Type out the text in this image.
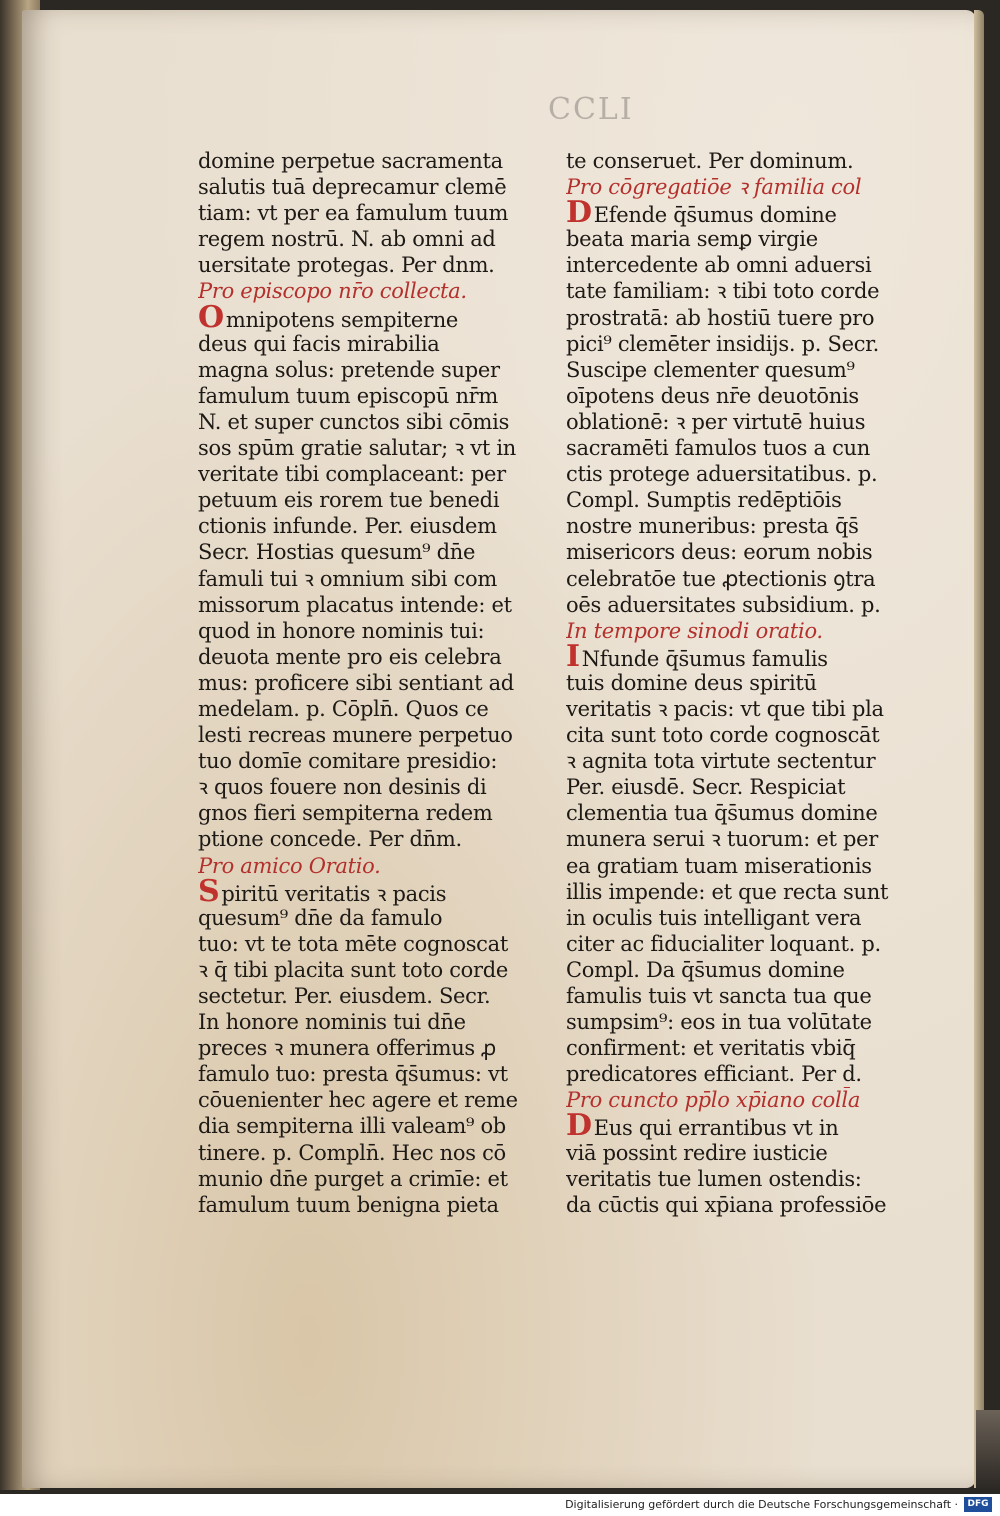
CCLI
domine perpetue sacramenta
salutis tuā deprecamur clemē
tiam: vt per ea famulum tuum
regem nostrū. N. ab omni ad
uersitate protegas. Per dnm.
Pro episcopo nr̄o collecta.
Omnipotens sempiterne
deus qui facis mirabilia
magna solus: pretende super
famulum tuum episcopū nr̄m
N. et super cunctos sibi cōmis
sos spūm gratie salutar; ꝛ vt in
veritate tibi complaceant: per
petuum eis rorem tue benedi
ctionis infunde. Per. eiusdem
Secr. Hostias quesum⁹ dn̄e
famuli tui ꝛ omnium sibi com
missorum placatus intende: et
quod in honore nominis tui:
deuota mente pro eis celebra
mus: proficere sibi sentiant ad
medelam. p. Cōpln̄. Quos ce
lesti recreas munere perpetuo
tuo domīe comitare presidio:
ꝛ quos fouere non desinis di
gnos fieri sempiterna redem
ptione concede. Per dn̄m.
Pro amico Oratio.
Spiritū veritatis ꝛ pacis
quesum⁹ dn̄e da famulo
tuo: vt te tota mēte cognoscat
ꝛ q̄ tibi placita sunt toto corde
sectetur. Per. eiusdem. Secr.
In honore nominis tui dn̄e
preces ꝛ munera offerimus ꝓ
famulo tuo: presta q̄s̄umus: vt
cōuenienter hec agere et reme
dia sempiterna illi valeam⁹ ob
tinere. p. Compln̄. Hec nos cō
munio dn̄e purget a crimīe: et
famulum tuum benigna pieta
te conseruet. Per dominum.
Pro cōgregatiōe ꝛ familia col
DEfende q̄s̄umus domine
beata maria semꝑ virgie
intercedente ab omni aduersi
tate familiam: ꝛ tibi toto corde
prostratā: ab hostiū tuere pro
pici⁹ clemēter insidijs. p. Secr.
Suscipe clementer quesum⁹
oīpotens deus nr̄e deuotōnis
oblationē: ꝛ per virtutē huius
sacramēti famulos tuos a cun
ctis protege aduersitatibus. p.
Compl. Sumptis redēptiōis
nostre muneribus: presta q̄s̄
misericors deus: eorum nobis
celebratōe tue ꝓtectionis ꝯtra
oēs aduersitates subsidium. p.
In tempore sinodi oratio.
INfunde q̄s̄umus famulis
tuis domine deus spiritū
veritatis ꝛ pacis: vt que tibi pla
cita sunt toto corde cognoscāt
ꝛ agnita tota virtute sectentur
Per. eiusdē. Secr. Respiciat
clementia tua q̄s̄umus domine
munera serui ꝛ tuorum: et per
ea gratiam tuam miserationis
illis impende: et que recta sunt
in oculis tuis intelligant vera
citer ac fiducialiter loquant. p.
Compl. Da q̄s̄umus domine
famulis tuis vt sancta tua que
sumpsim⁹: eos in tua volūtate
confirment: et veritatis vbiq̄
predicatores efficiant. Per d.
Pro cuncto pp̄lo xp̄iano coll̄a
DEus qui errantibus vt in
viā possint redire iusticie
veritatis tue lumen ostendis:
da cūctis qui xp̄iana professiōe
Digitalisierung gefördert durch die Deutsche Forschungsgemeinschaft ·	DFG
